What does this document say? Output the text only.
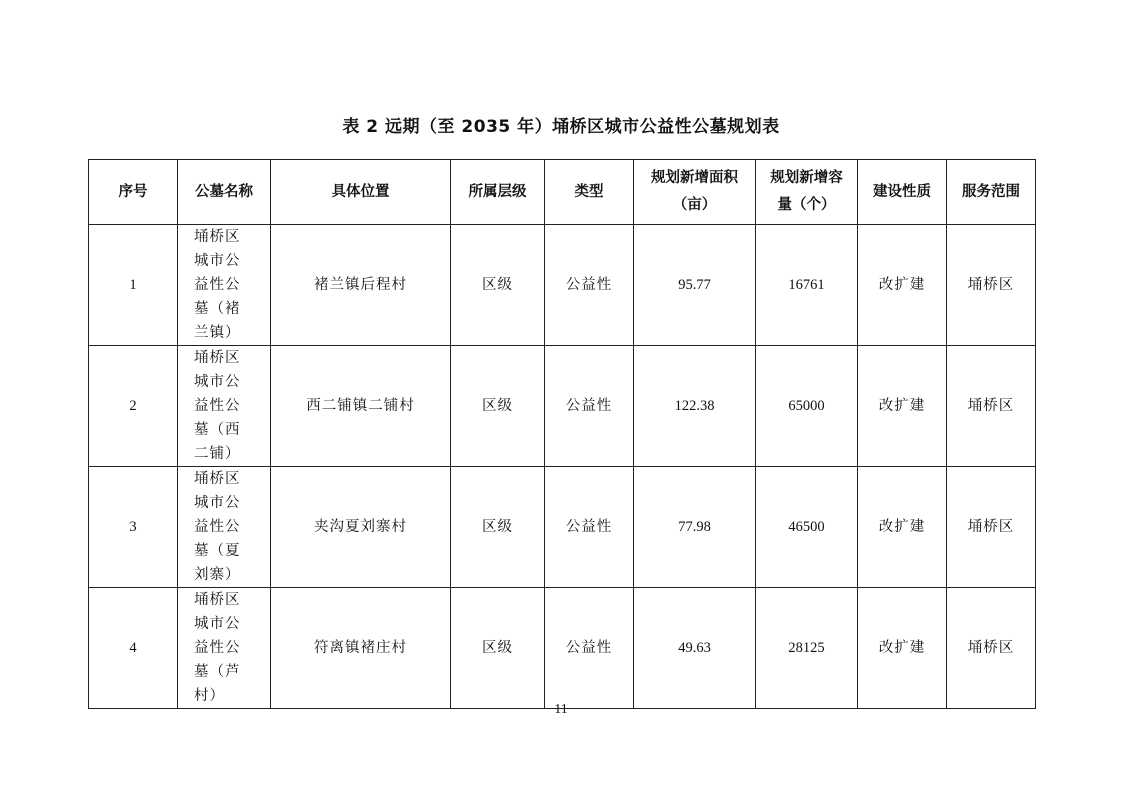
表 2 远期（至 2035 年）埇桥区城市公益性公墓规划表
序号	公墓名称	具体位置	所属层级	类型	规划新增面积（亩）	规划新增容量（个）	建设性质	服务范围
1	埇桥区城市公益性公墓（褚兰镇）	褚兰镇后程村	区级	公益性	95.77	16761	改扩建	埇桥区
2	埇桥区城市公益性公墓（西二铺）	西二铺镇二铺村	区级	公益性	122.38	65000	改扩建	埇桥区
3	埇桥区城市公益性公墓（夏刘寨）	夹沟夏刘寨村	区级	公益性	77.98	46500	改扩建	埇桥区
4	埇桥区城市公益性公墓（芦村）	符离镇褚庄村	区级	公益性	49.63	28125	改扩建	埇桥区
11
